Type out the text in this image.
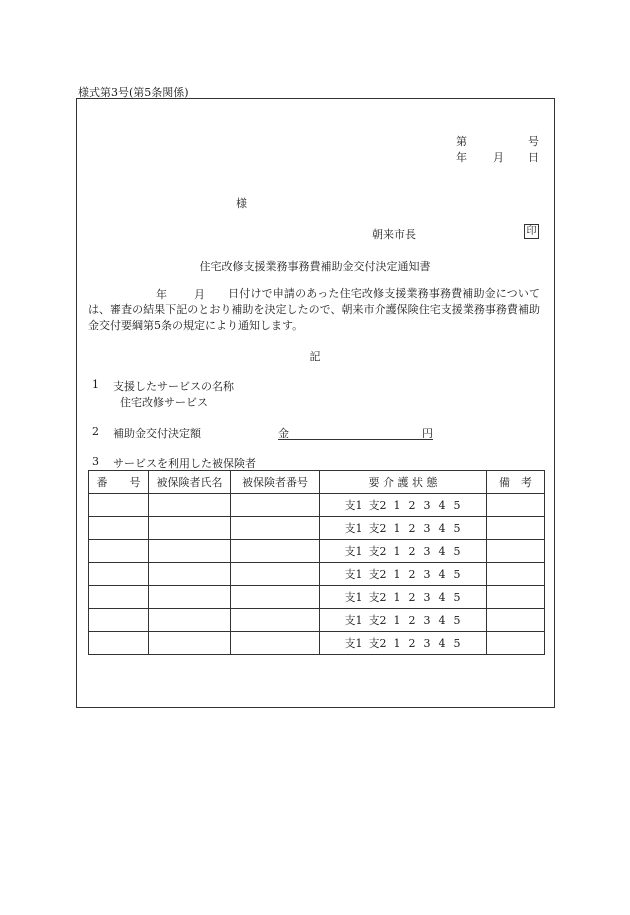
様式第3号(第5条関係)
第	号
年 月 日
様
朝来市長	印
住宅改修支援業務事務費補助金交付決定通知書
年 月	日付けで申請のあった住宅改修支援業務事務費補助金については、審査の結果下記のとおり補助を決定したので、朝来市介護保険住宅支援業務事務費補助金交付要綱第5条の規定により通知します。
記
1 支援したサービスの名称
住宅改修サービス
2 補助金交付決定額	金	円
3 サービスを利用した被保険者
番　　号	被保険者氏名	被保険者番号	要 介 護 状 態	備　考
			支1 支2 1 2 3 4 5	
			支1 支2 1 2 3 4 5	
			支1 支2 1 2 3 4 5	
			支1 支2 1 2 3 4 5	
			支1 支2 1 2 3 4 5	
			支1 支2 1 2 3 4 5	
			支1 支2 1 2 3 4 5	
